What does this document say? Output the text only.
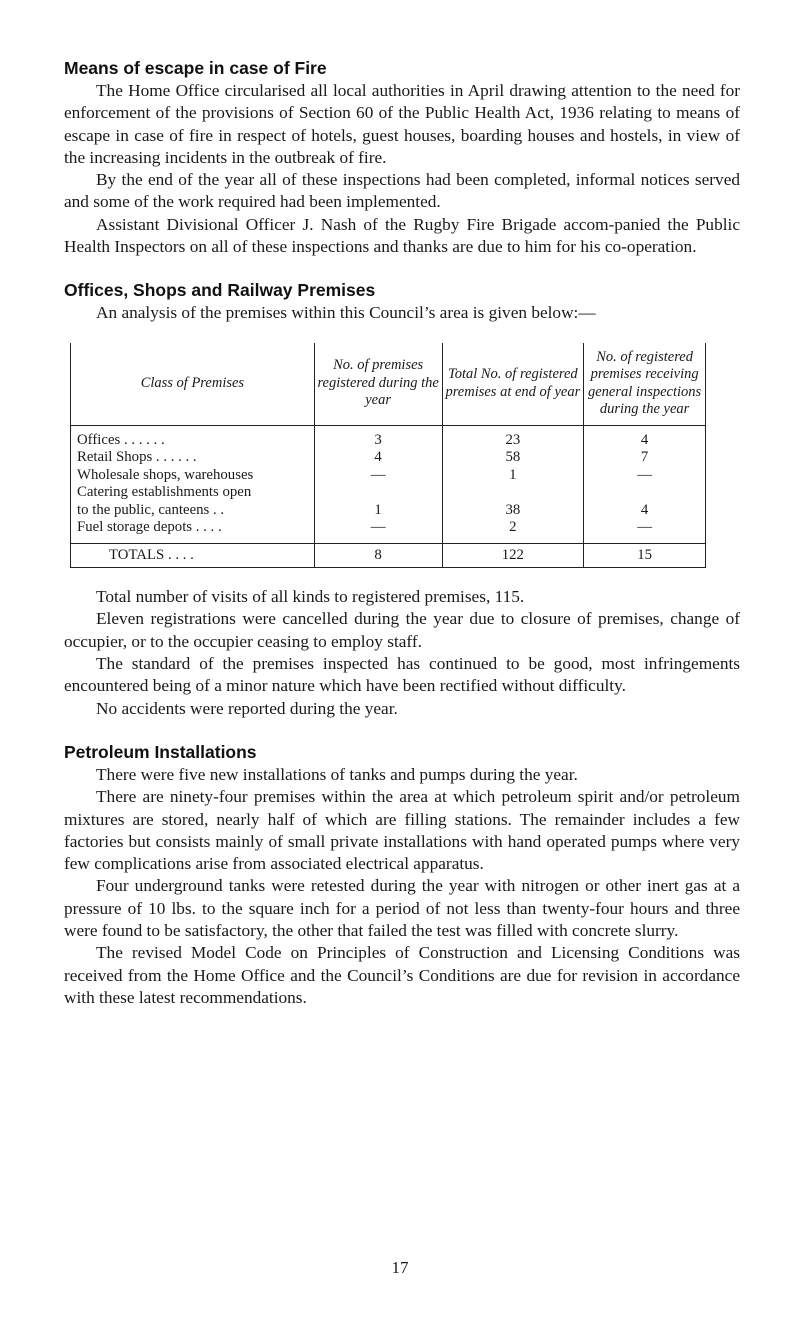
Means of escape in case of Fire

The Home Office circularised all local authorities in April drawing attention to the need for enforcement of the provisions of Section 60 of the Public Health Act, 1936 relating to means of escape in case of fire in respect of hotels, guest houses, boarding houses and hostels, in view of the increasing incidents in the outbreak of fire.

By the end of the year all of these inspections had been completed, informal notices served and some of the work required had been implemented.

Assistant Divisional Officer J. Nash of the Rugby Fire Brigade accom-panied the Public Health Inspectors on all of these inspections and thanks are due to him for his co-operation.

Offices, Shops and Railway Premises

An analysis of the premises within this Council’s area is given below:—

Class of Premises	No. of premises registered during the year	Total No. of registered premises at end of year	No. of registered premises receiving general inspections during the year
Offices . . . . . .	3	23	4
Retail Shops . . . . . .	4	58	7
Wholesale shops, warehouses	—	1	—
Catering establishments open			
to the public, canteens . .	1	38	4
Fuel storage depots . . . .	—	2	—
TOTALS . . . .	8	122	15

Total number of visits of all kinds to registered premises, 115.

Eleven registrations were cancelled during the year due to closure of premises, change of occupier, or to the occupier ceasing to employ staff.

The standard of the premises inspected has continued to be good, most infringements encountered being of a minor nature which have been rectified without difficulty.

No accidents were reported during the year.

Petroleum Installations

There were five new installations of tanks and pumps during the year.

There are ninety-four premises within the area at which petroleum spirit and/or petroleum mixtures are stored, nearly half of which are filling stations. The remainder includes a few factories but consists mainly of small private installations with hand operated pumps where very few complications arise from associated electrical apparatus.

Four underground tanks were retested during the year with nitrogen or other inert gas at a pressure of 10 lbs. to the square inch for a period of not less than twenty-four hours and three were found to be satisfactory, the other that failed the test was filled with concrete slurry.

The revised Model Code on Principles of Construction and Licensing Conditions was received from the Home Office and the Council’s Conditions are due for revision in accordance with these latest recommendations.

17
